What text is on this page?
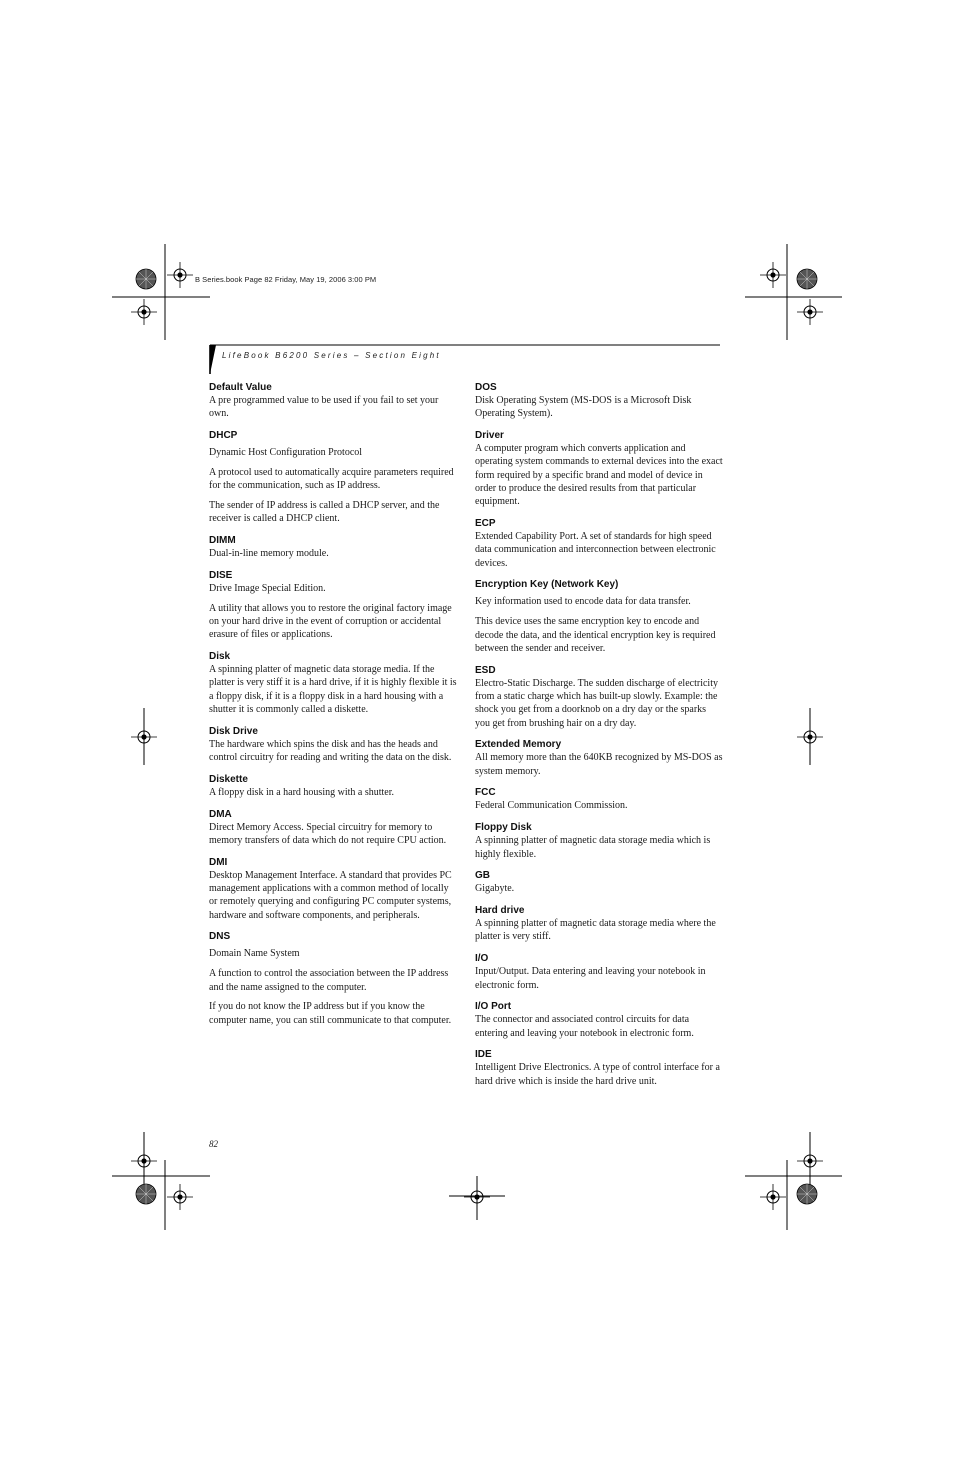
B Series.book Page 82 Friday, May 19, 2006 3:00 PM
LifeBook B6200 Series – Section Eight
Default Value
A pre programmed value to be used if you fail to set your own.
DHCP
Dynamic Host Configuration Protocol
A protocol used to automatically acquire parameters required for the communication, such as IP address.
The sender of IP address is called a DHCP server, and the receiver is called a DHCP client.
DIMM
Dual-in-line memory module.
DISE
Drive Image Special Edition.
A utility that allows you to restore the original factory image on your hard drive in the event of corruption or accidental erasure of files or applications.
Disk
A spinning platter of magnetic data storage media. If the platter is very stiff it is a hard drive, if it is highly flexible it is a floppy disk, if it is a floppy disk in a hard housing with a shutter it is commonly called a diskette.
Disk Drive
The hardware which spins the disk and has the heads and control circuitry for reading and writing the data on the disk.
Diskette
A floppy disk in a hard housing with a shutter.
DMA
Direct Memory Access. Special circuitry for memory to memory transfers of data which do not require CPU action.
DMI
Desktop Management Interface. A standard that provides PC management applications with a common method of locally or remotely querying and configuring PC computer systems, hardware and software components, and peripherals.
DNS
Domain Name System
A function to control the association between the IP address and the name assigned to the computer.
If you do not know the IP address but if you know the computer name, you can still communicate to that computer.
DOS
Disk Operating System (MS-DOS is a Microsoft Disk Operating System).
Driver
A computer program which converts application and operating system commands to external devices into the exact form required by a specific brand and model of device in order to produce the desired results from that particular equipment.
ECP
Extended Capability Port. A set of standards for high speed data communication and interconnection between electronic devices.
Encryption Key (Network Key)
Key information used to encode data for data transfer.
This device uses the same encryption key to encode and decode the data, and the identical encryption key is required between the sender and receiver.
ESD
Electro-Static Discharge. The sudden discharge of electricity from a static charge which has built-up slowly. Example: the shock you get from a doorknob on a dry day or the sparks you get from brushing hair on a dry day.
Extended Memory
All memory more than the 640KB recognized by MS-DOS as system memory.
FCC
Federal Communication Commission.
Floppy Disk
A spinning platter of magnetic data storage media which is highly flexible.
GB
Gigabyte.
Hard drive
A spinning platter of magnetic data storage media where the platter is very stiff.
I/O
Input/Output. Data entering and leaving your notebook in electronic form.
I/O Port
The connector and associated control circuits for data entering and leaving your notebook in electronic form.
IDE
Intelligent Drive Electronics. A type of control interface for a hard drive which is inside the hard drive unit.
82
